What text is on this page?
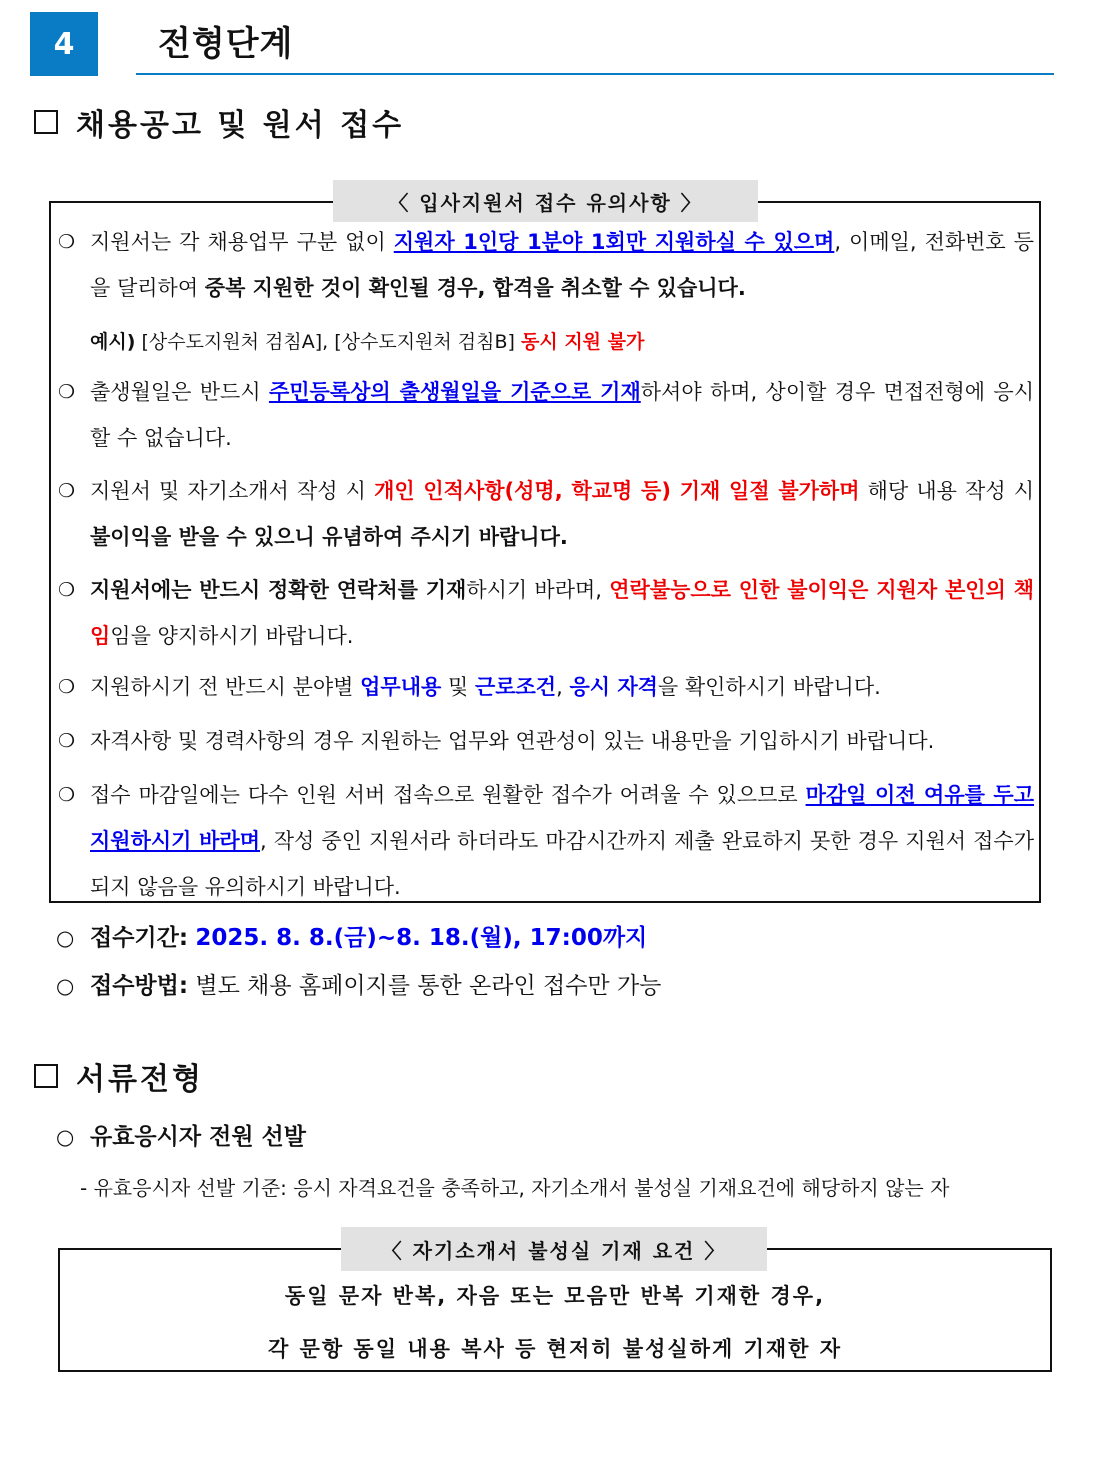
4	전형단계
채용공고 및 원서 접수
〈 입사지원서 접수 유의사항 〉
❍ 지원서는 각 채용업무 구분 없이 지원자 1인당 1분야 1회만 지원하실 수 있으며, 이메일, 전화번호 등을 달리하여 중복 지원한 것이 확인될 경우, 합격을 취소할 수 있습니다.
예시) [상수도지원처 검침A], [상수도지원처 검침B] 동시 지원 불가
❍ 출생월일은 반드시 주민등록상의 출생월일을 기준으로 기재하셔야 하며, 상이할 경우 면접전형에 응시할 수 없습니다.
❍ 지원서 및 자기소개서 작성 시 개인 인적사항(성명, 학교명 등) 기재 일절 불가하며 해당 내용 작성 시 불이익을 받을 수 있으니 유념하여 주시기 바랍니다.
❍ 지원서에는 반드시 정확한 연락처를 기재하시기 바라며, 연락불능으로 인한 불이익은 지원자 본인의 책임임을 양지하시기 바랍니다.
❍ 지원하시기 전 반드시 분야별 업무내용 및 근로조건, 응시 자격을 확인하시기 바랍니다.
❍ 자격사항 및 경력사항의 경우 지원하는 업무와 연관성이 있는 내용만을 기입하시기 바랍니다.
❍ 접수 마감일에는 다수 인원 서버 접속으로 원활한 접수가 어려울 수 있으므로 마감일 이전 여유를 두고 지원하시기 바라며, 작성 중인 지원서라 하더라도 마감시간까지 제출 완료하지 못한 경우 지원서 접수가 되지 않음을 유의하시기 바랍니다.
○ 접수기간: 2025. 8. 8.(금)~8. 18.(월), 17:00까지
○ 접수방법: 별도 채용 홈페이지를 통한 온라인 접수만 가능
서류전형
○ 유효응시자 전원 선발
- 유효응시자 선발 기준: 응시 자격요건을 충족하고, 자기소개서 불성실 기재요건에 해당하지 않는 자
〈 자기소개서 불성실 기재 요건 〉
동일 문자 반복, 자음 또는 모음만 반복 기재한 경우,
각 문항 동일 내용 복사 등 현저히 불성실하게 기재한 자
